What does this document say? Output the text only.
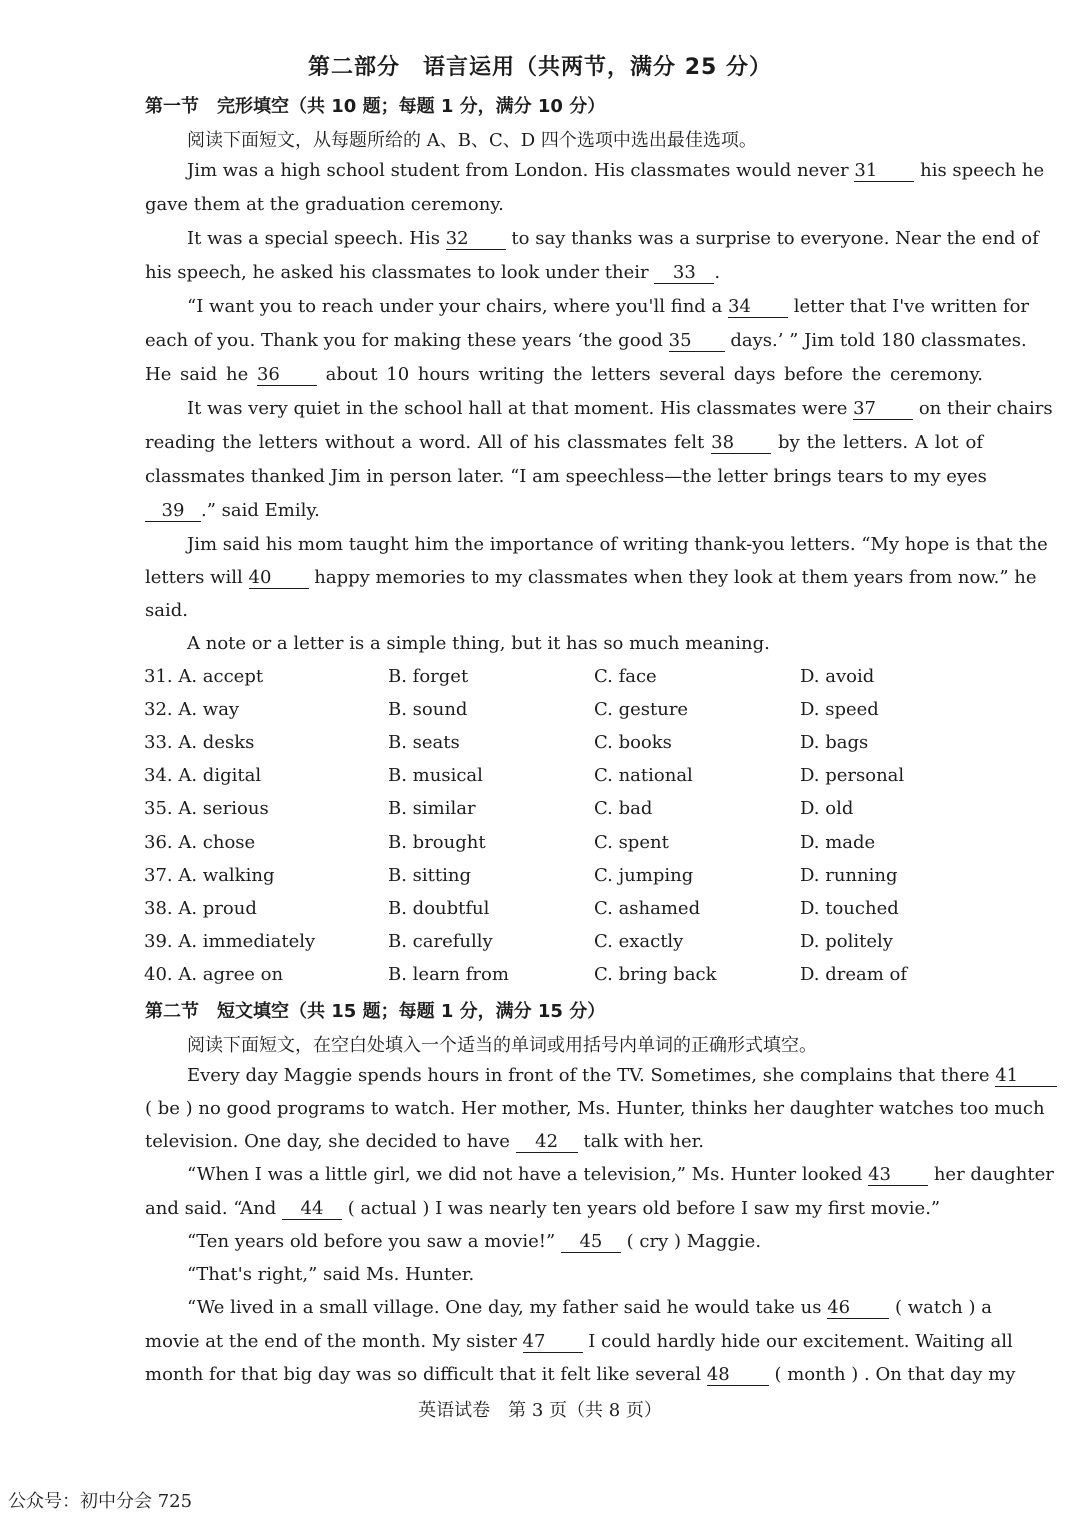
第二部分　语言运用（共两节，满分 25 分）
第一节　完形填空（共 10 题；每题 1 分，满分 10 分）
阅读下面短文，从每题所给的 A、B、C、D 四个选项中选出最佳选项。
Jim was a high school student from London. His classmates would never 31 his speech he
gave them at the graduation ceremony.
It was a special speech. His 32 to say thanks was a surprise to everyone. Near the end of
his speech, he asked his classmates to look under their 33 .
“I want you to reach under your chairs, where you'll find a 34 letter that I've written for
each of you. Thank you for making these years ‘the good 35 days.’ ” Jim told 180 classmates.
He said he 36	about 10 hours writing the letters several days before the ceremony.
It was very quiet in the school hall at that moment. His classmates were 37 on their chairs
reading the letters without a word. All of his classmates felt 38 by the letters. A lot of
classmates thanked Jim in person later. “I am speechless—the letter brings tears to my eyes
39 .” said Emily.
Jim said his mom taught him the importance of writing thank-you letters. “My hope is that the
letters will 40 happy memories to my classmates when they look at them years from now.” he
said.
A note or a letter is a simple thing, but it has so much meaning.
31. A. accept	B. forget	C. face	D. avoid
32. A. way	B. sound	C. gesture	D. speed
33. A. desks	B. seats	C. books	D. bags
34. A. digital	B. musical	C. national	D. personal
35. A. serious	B. similar	C. bad	D. old
36. A. chose	B. brought	C. spent	D. made
37. A. walking	B. sitting	C. jumping	D. running
38. A. proud	B. doubtful	C. ashamed	D. touched
39. A. immediately	B. carefully	C. exactly	D. politely
40. A. agree on	B. learn from	C. bring back	D. dream of
第二节　短文填空（共 15 题；每题 1 分，满分 15 分）
阅读下面短文，在空白处填入一个适当的单词或用括号内单词的正确形式填空。
Every day Maggie spends hours in front of the TV. Sometimes, she complains that there 41
( be ) no good programs to watch. Her mother, Ms. Hunter, thinks her daughter watches too much
television. One day, she decided to have 42 talk with her.
“When I was a little girl, we did not have a television,” Ms. Hunter looked 43 her daughter
and said. “And 44 ( actual ) I was nearly ten years old before I saw my first movie.”
“Ten years old before you saw a movie!” 45 ( cry ) Maggie.
“That's right,” said Ms. Hunter.
“We lived in a small village. One day, my father said he would take us 46 ( watch ) a
movie at the end of the month. My sister 47 I could hardly hide our excitement. Waiting all
month for that big day was so difficult that it felt like several 48 ( month ) . On that day my
英语试卷　第 3 页（共 8 页）
公众号：初中分会 725
